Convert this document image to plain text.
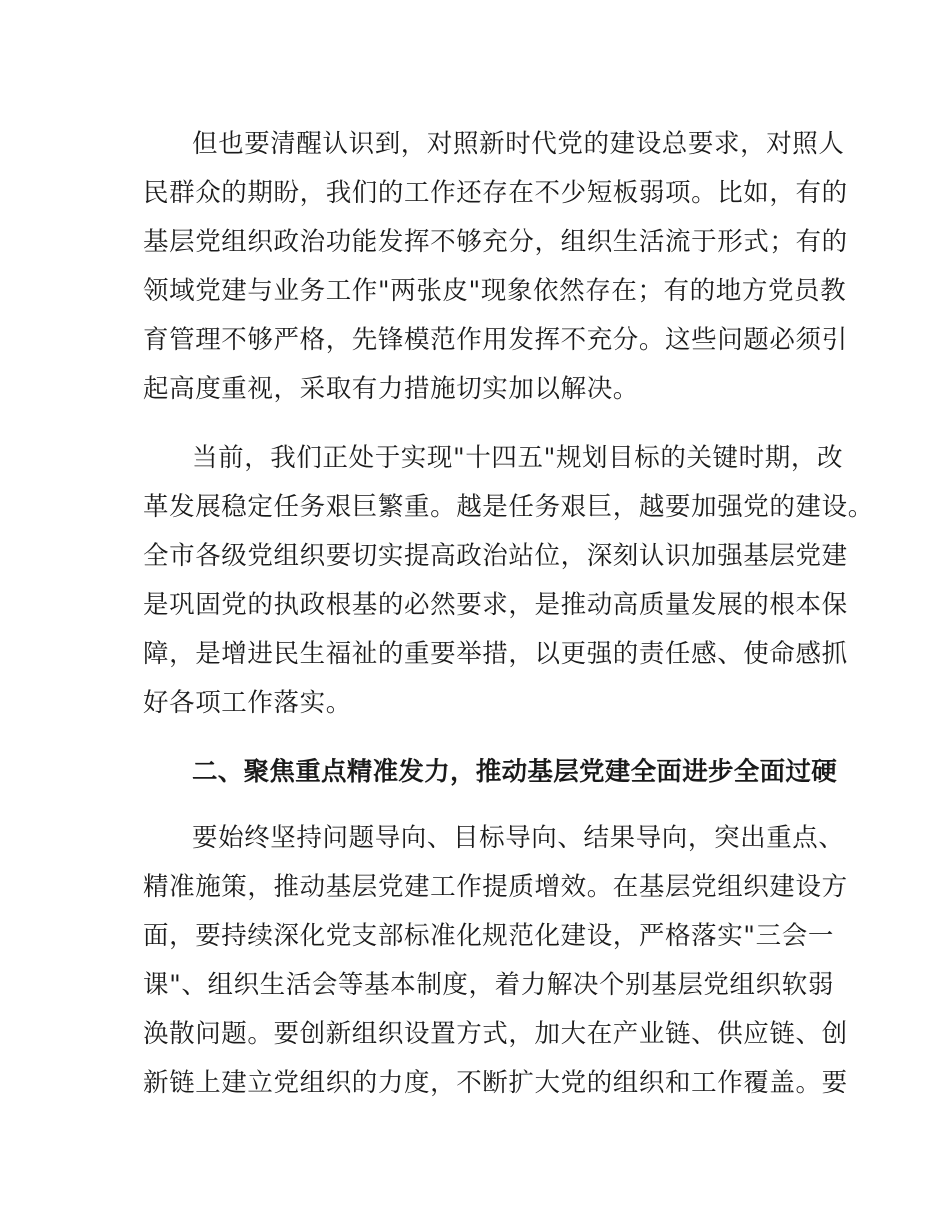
但也要清醒认识到，对照新时代党的建设总要求，对照人
民群众的期盼，我们的工作还存在不少短板弱项。比如，有的
基层党组织政治功能发挥不够充分，组织生活流于形式；有的
领域党建与业务工作"两张皮"现象依然存在；有的地方党员教
育管理不够严格，先锋模范作用发挥不充分。这些问题必须引
起高度重视，采取有力措施切实加以解决。
当前，我们正处于实现"十四五"规划目标的关键时期，改
革发展稳定任务艰巨繁重。越是任务艰巨，越要加强党的建设。
全市各级党组织要切实提高政治站位，深刻认识加强基层党建
是巩固党的执政根基的必然要求，是推动高质量发展的根本保
障，是增进民生福祉的重要举措，以更强的责任感、使命感抓
好各项工作落实。
二、聚焦重点精准发力，推动基层党建全面进步全面过硬
要始终坚持问题导向、目标导向、结果导向，突出重点、
精准施策，推动基层党建工作提质增效。在基层党组织建设方
面，要持续深化党支部标准化规范化建设，严格落实"三会一
课"、组织生活会等基本制度，着力解决个别基层党组织软弱
涣散问题。要创新组织设置方式，加大在产业链、供应链、创
新链上建立党组织的力度，不断扩大党的组织和工作覆盖。要
